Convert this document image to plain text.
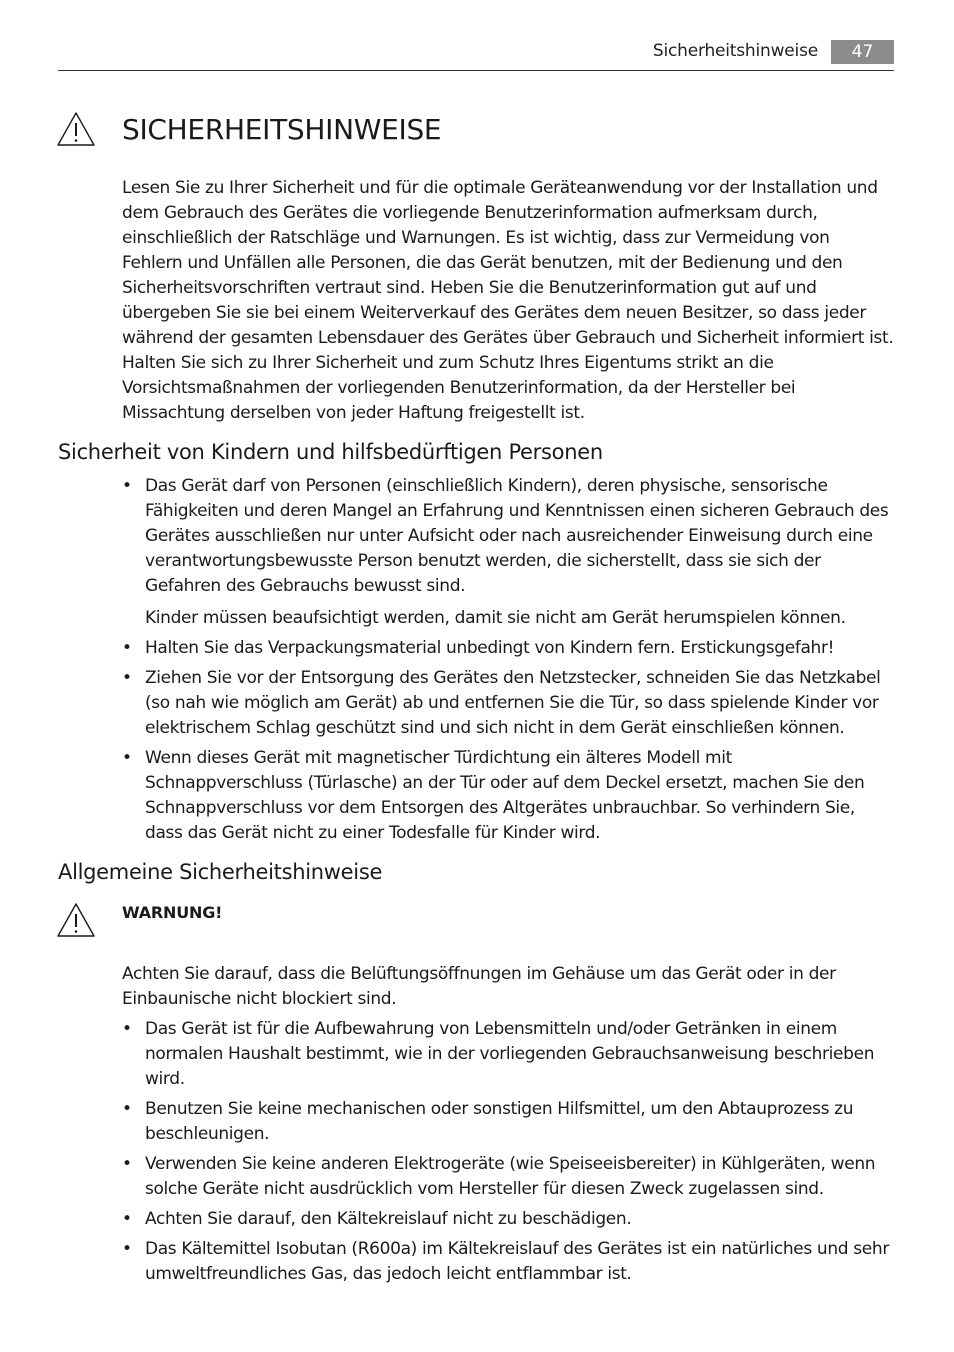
Sicherheitshinweise	47
SICHERHEITSHINWEISE

Lesen Sie zu Ihrer Sicherheit und für die optimale Geräteanwendung vor der Installation und dem Gebrauch des Gerätes die vorliegende Benutzerinformation aufmerksam durch, einschließlich der Ratschläge und Warnungen. Es ist wichtig, dass zur Vermeidung von Fehlern und Unfällen alle Personen, die das Gerät benutzen, mit der Bedienung und den Sicherheitsvorschriften vertraut sind. Heben Sie die Benutzerinformation gut auf und übergeben Sie sie bei einem Weiterverkauf des Gerätes dem neuen Besitzer, so dass jeder während der gesamten Lebensdauer des Gerätes über Gebrauch und Sicherheit informiert ist.

Halten Sie sich zu Ihrer Sicherheit und zum Schutz Ihres Eigentums strikt an die Vorsichtsmaßnahmen der vorliegenden Benutzerinformation, da der Hersteller bei Missachtung derselben von jeder Haftung freigestellt ist.

Sicherheit von Kindern und hilfsbedürftigen Personen

• Das Gerät darf von Personen (einschließlich Kindern), deren physische, sensorische Fähigkeiten und deren Mangel an Erfahrung und Kenntnissen einen sicheren Gebrauch des Gerätes ausschließen nur unter Aufsicht oder nach ausreichender Einweisung durch eine verantwortungsbewusste Person benutzt werden, die sicherstellt, dass sie sich der Gefahren des Gebrauchs bewusst sind.

Kinder müssen beaufsichtigt werden, damit sie nicht am Gerät herumspielen können.

• Halten Sie das Verpackungsmaterial unbedingt von Kindern fern. Erstickungsgefahr!

• Ziehen Sie vor der Entsorgung des Gerätes den Netzstecker, schneiden Sie das Netzkabel (so nah wie möglich am Gerät) ab und entfernen Sie die Tür, so dass spielende Kinder vor elektrischem Schlag geschützt sind und sich nicht in dem Gerät einschließen können.

• Wenn dieses Gerät mit magnetischer Türdichtung ein älteres Modell mit Schnappverschluss (Türlasche) an der Tür oder auf dem Deckel ersetzt, machen Sie den Schnappverschluss vor dem Entsorgen des Altgerätes unbrauchbar. So verhindern Sie, dass das Gerät nicht zu einer Todesfalle für Kinder wird.

Allgemeine Sicherheitshinweise
WARNUNG!

Achten Sie darauf, dass die Belüftungsöffnungen im Gehäuse um das Gerät oder in der Einbaunische nicht blockiert sind.

• Das Gerät ist für die Aufbewahrung von Lebensmitteln und/oder Getränken in einem normalen Haushalt bestimmt, wie in der vorliegenden Gebrauchsanweisung beschrieben wird.

• Benutzen Sie keine mechanischen oder sonstigen Hilfsmittel, um den Abtauprozess zu beschleunigen.

• Verwenden Sie keine anderen Elektrogeräte (wie Speiseeisbereiter) in Kühlgeräten, wenn solche Geräte nicht ausdrücklich vom Hersteller für diesen Zweck zugelassen sind.

• Achten Sie darauf, den Kältekreislauf nicht zu beschädigen.

• Das Kältemittel Isobutan (R600a) im Kältekreislauf des Gerätes ist ein natürliches und sehr umweltfreundliches Gas, das jedoch leicht entflammbar ist.
